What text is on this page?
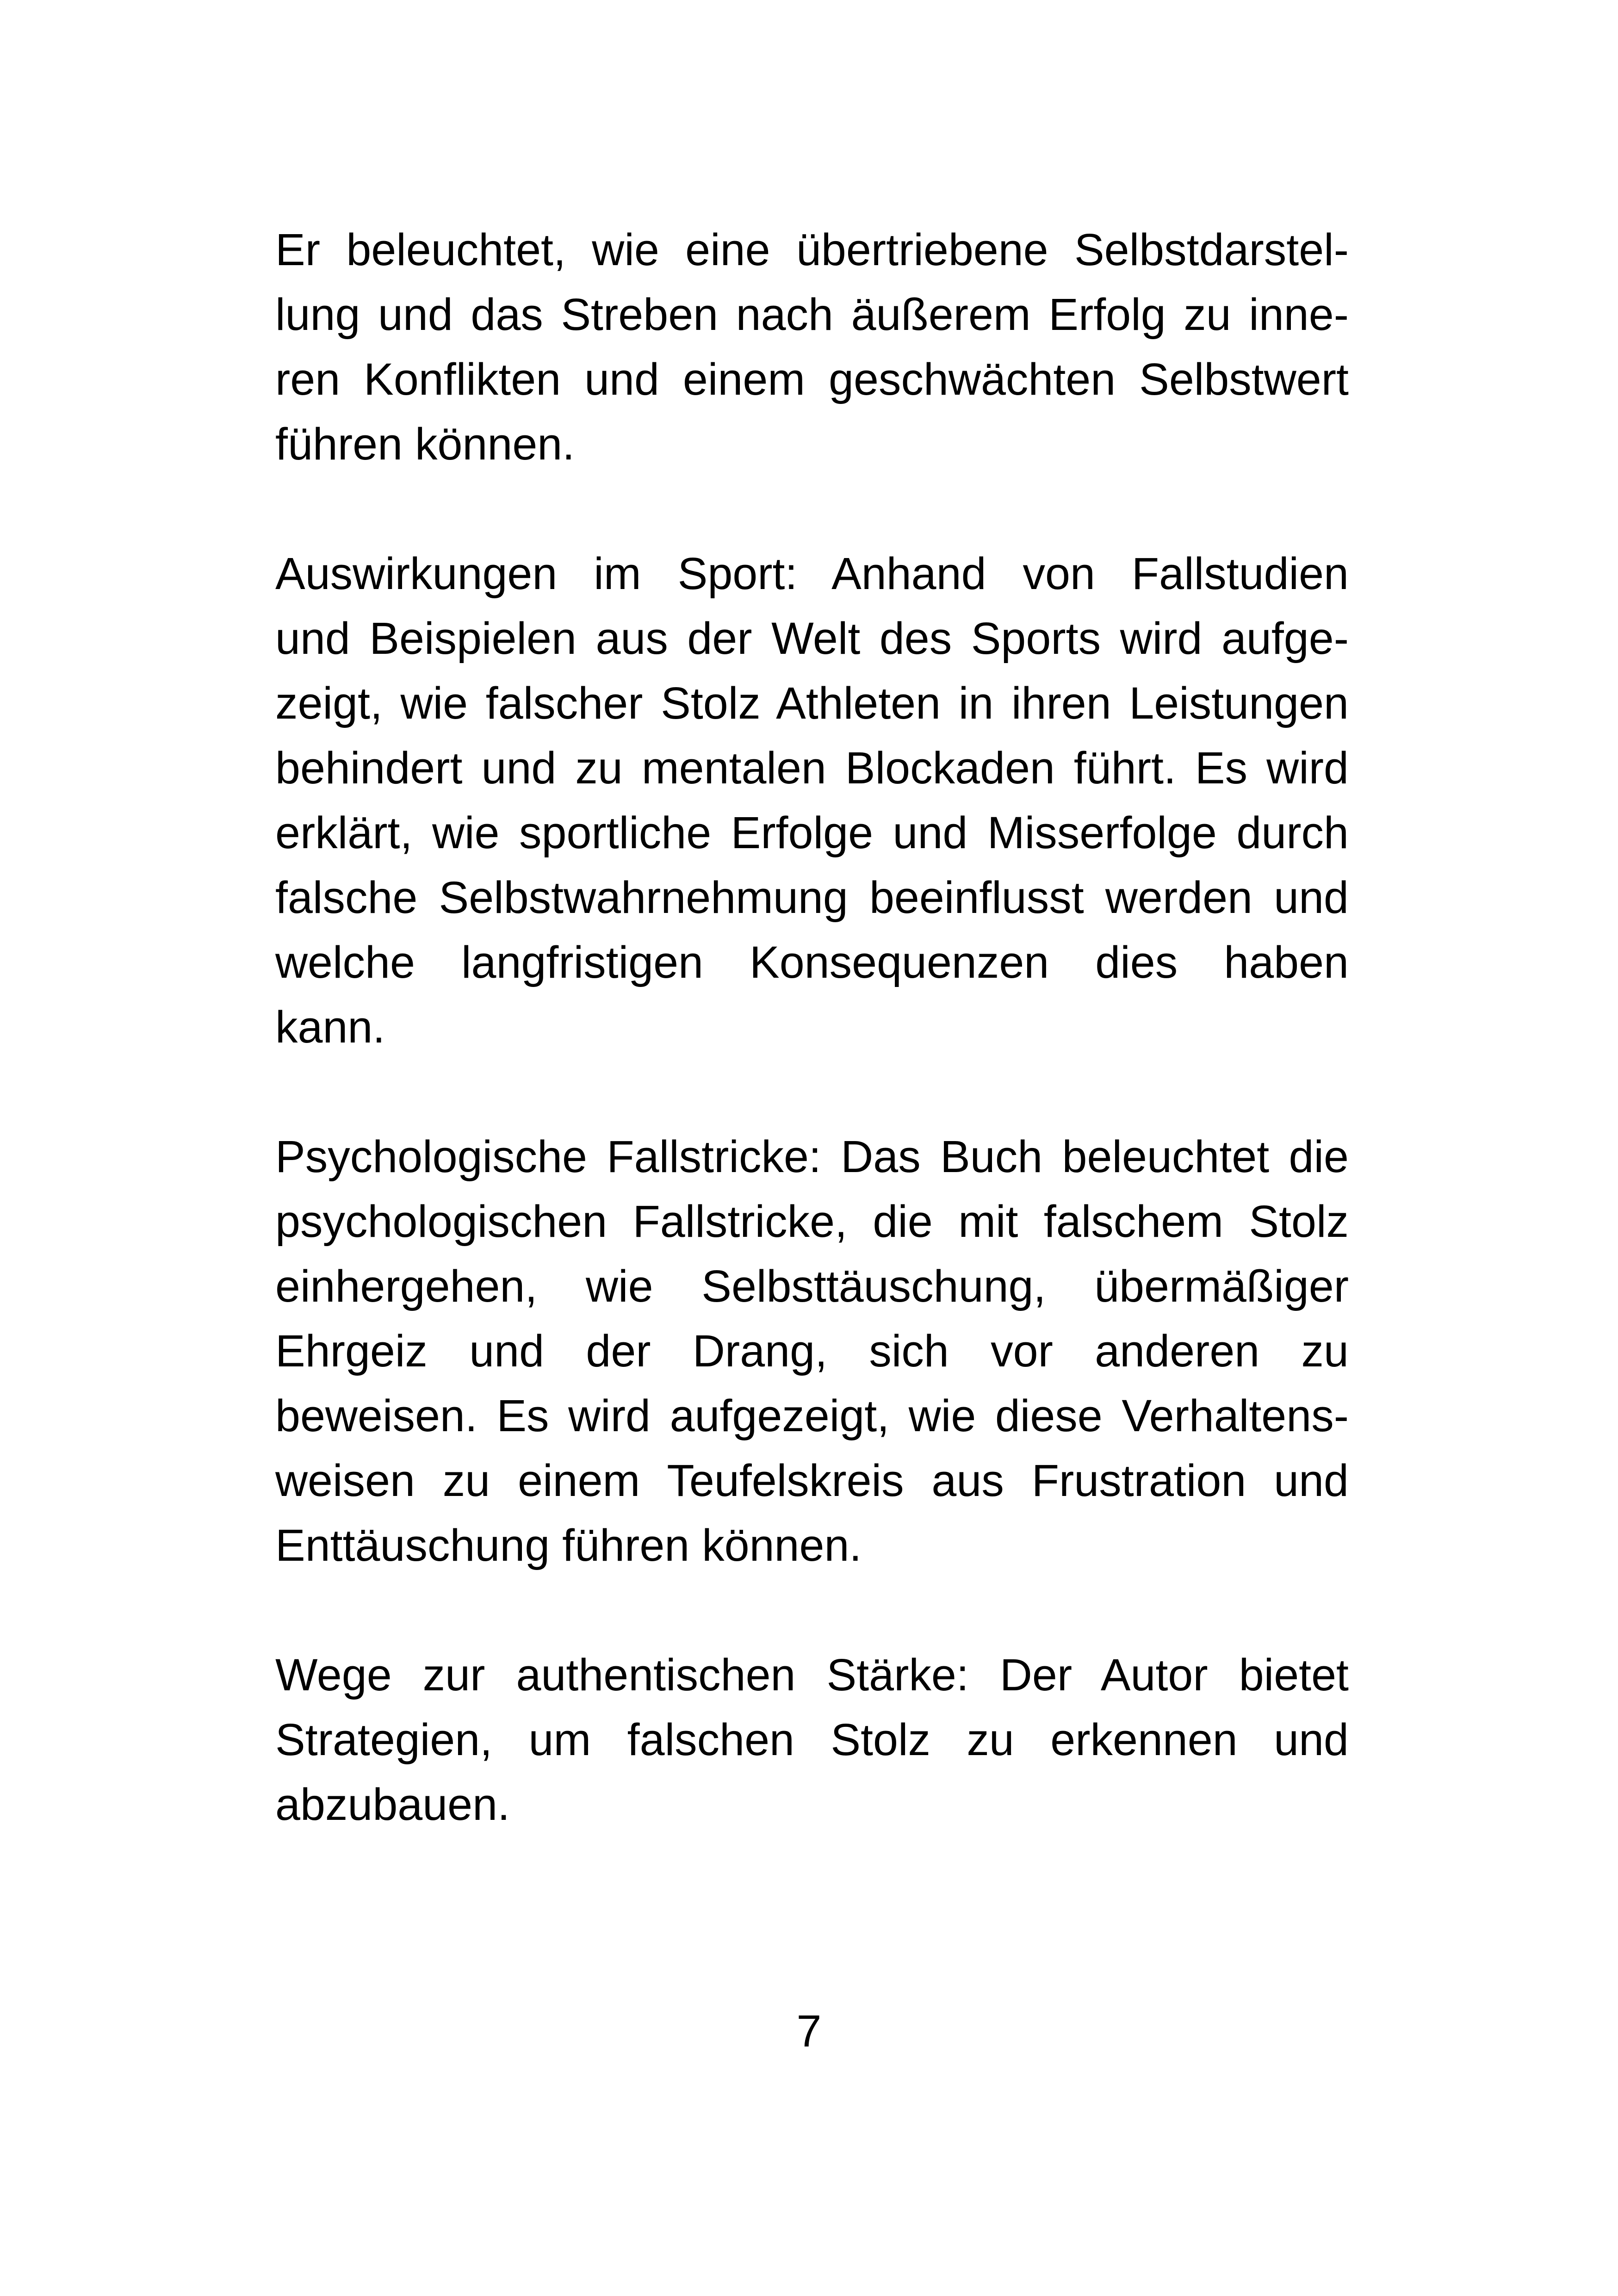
Er beleuchtet, wie eine übertriebene Selbstdarstel-
lung und das Streben nach äußerem Erfolg zu inne-
ren Konflikten und einem geschwächten Selbstwert
führen können.
Auswirkungen im Sport: Anhand von Fallstudien
und Beispielen aus der Welt des Sports wird aufge-
zeigt, wie falscher Stolz Athleten in ihren Leistungen
behindert und zu mentalen Blockaden führt. Es wird
erklärt, wie sportliche Erfolge und Misserfolge durch
falsche Selbstwahrnehmung beeinflusst werden und
welche langfristigen Konsequenzen dies haben
kann.
Psychologische Fallstricke: Das Buch beleuchtet die
psychologischen Fallstricke, die mit falschem Stolz
einhergehen, wie Selbsttäuschung, übermäßiger
Ehrgeiz und der Drang, sich vor anderen zu
beweisen. Es wird aufgezeigt, wie diese Verhaltens-
weisen zu einem Teufelskreis aus Frustration und
Enttäuschung führen können.
Wege zur authentischen Stärke: Der Autor bietet
Strategien, um falschen Stolz zu erkennen und
abzubauen.
7
